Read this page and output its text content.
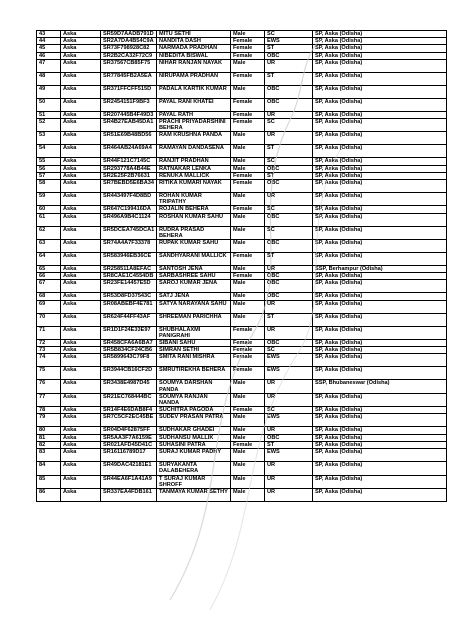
43	Aska	SR59D7AADB791D	MITU SETHI	Male	SC	SP, Aska (Odisha)
44	Aska	SR2A7DA4B54C9A	NANDITA DASH	Female	EWS	SP, Aska (Odisha)
45	Aska	SR73F798928C82	NARMADA PRADHAN	Female	ST	SP, Aska (Odisha)
46	Aska	SR2B2CA32F72C9	NIBEDITA BISWAL	Female	OBC	SP, Aska (Odisha)
47	Aska	SR37567CB85F75	NIHAR RANJAN NAYAK	Male	UR	SP, Aska (Odisha)
48	Aska	SR77845FB2A5EA	NIRUPAMA PRADHAN	Female	ST	SP, Aska (Odisha)
49	Aska	SR371FFCFF515D	PADALA KARTIK KUMAR	Male	OBC	SP, Aska (Odisha)
50	Aska	SR2454151F9BF3	PAYAL RANI KHATEI	Female	OBC	SP, Aska (Odisha)
51	Aska	SR207445B4F49D3	PAYAL RATH	Female	UR	SP, Aska (Odisha)
52	Aska	SR4B27EAB45DA1	PRACHI PRIYADARSHINI BEHERA	Female	SC	SP, Aska (Odisha)
53	Aska	SR51E69B48BD56	RAM KRUSHNA PANDA	Male	UR	SP, Aska (Odisha)
54	Aska	SR464AB24A69A4	RAMAYAN DANDASENA	Male	ST	SP, Aska (Odisha)
55	Aska	SR44F121C7145C	RANJIT PRADHAN	Male	SC	SP, Aska (Odisha)
56	Aska	SR293778A4B44E	RATNAKAR LENKA	Male	OBC	SP, Aska (Odisha)
57	Aska	SR2E25F2B76631	RENUKA MALLICK	Female	ST	SP, Aska (Odisha)
58	Aska	SR7BEBD5E6BA34	RITIKA KUMARI NAYAK	Female	OBC	SP, Aska (Odisha)
59	Aska	SR443497F4D8BD	ROHAN KUMAR TRIPATHY	Male	UR	SP, Aska (Odisha)
60	Aska	SR647C199416DA	ROJALIN BEHERA	Female	SC	SP, Aska (Odisha)
61	Aska	SR496A9B4C1124	ROSHAN KUMAR SAHU	Male	OBC	SP, Aska (Odisha)
62	Aska	SR5DCEA745DCA1	RUDRA PRASAD BEHERA	Male	SC	SP, Aska (Odisha)
63	Aska	SR74A4A7F33378	RUPAK KUMAR SAHU	Male	OBC	SP, Aska (Odisha)
64	Aska	SR583946EB36CE	SANDHYARANI MALLICK	Female	ST	SP, Aska (Odisha)
65	Aska	SR258511A8EFAC	SANTOSH JENA	Male	UR	SSP, Berhampur (Odisha)
66	Aska	SR8CAE1C4554DB	SARBASHREE SAHU	Female	OBC	SP, Aska (Odisha)
67	Aska	SR23FE14457E5D	SAROJ KUMAR JENA	Male	OBC	SP, Aska (Odisha)
68	Aska	SR53D8FD37543C	SATJ JENA	Male	OBC	SP, Aska (Odisha)
69	Aska	SR08ABEBF4E781	SATYA NARAYANA SAHU	Male	UR	SP, Aska (Odisha)
70	Aska	SR624F44FF43AF	SHREEMAN PARICHHA	Male	ST	SP, Aska (Odisha)
71	Aska	SR1D1F24E33E97	SHUBHALAXMI PANIGRAHI	Female	UR	SP, Aska (Odisha)
72	Aska	SR458CFA6A6BA7	SIBANI SAHU	Female	OBC	SP, Aska (Odisha)
73	Aska	SR5B834CF24CB6	SIMRAN SETHI	Female	SC	SP, Aska (Odisha)
74	Aska	SR5899643C79F8	SMITA RANI MISHRA	Female	EWS	SP, Aska (Odisha)
75	Aska	SR3944CB16CF2D	SMRUTIREKHA BEHERA	Female	EWS	SP, Aska (Odisha)
76	Aska	SR3438E4987D45	SOUMYA DARSHAN PANDA	Male	UR	SSP, Bhubaneswar (Odisha)
77	Aska	SR21EC768444BC	SOUMYA RANJAN NANDA	Male	UR	SP, Aska (Odisha)
78	Aska	SR14F4E6DAB8F4	SUCHITRA PAGODA	Female	SC	SP, Aska (Odisha)
79	Aska	SR7C5CF2EC45BE	SUDEV PRASAN PATRA	Male	EWS	SP, Aska (Odisha)
80	Aska	SR04D4F62875FF	SUDHAKAR GHADEI	Male	UR	SP, Aska (Odisha)
81	Aska	SR5AA3F7A6159E	SUDHANSU MALLIK	Male	OBC	SP, Aska (Odisha)
82	Aska	SR021AFD45D41C	SUHASINI PATRA	Female	ST	SP, Aska (Odisha)
83	Aska	SR16116789D17	SURAJ KUMAR PADHY	Male	EWS	SP, Aska (Odisha)
84	Aska	SR49DAC42181E1	SURYAKANTA DALABEHERA	Male	UR	SP, Aska (Odisha)
85	Aska	SR44EA6F1A41A9	T SURAJ KUMAR SHROFF	Male	UR	SP, Aska (Odisha)
86	Aska	SR337EA4FDB161	TANMAYA KUMAR SETHY	Male	UR	SP, Aska (Odisha)
